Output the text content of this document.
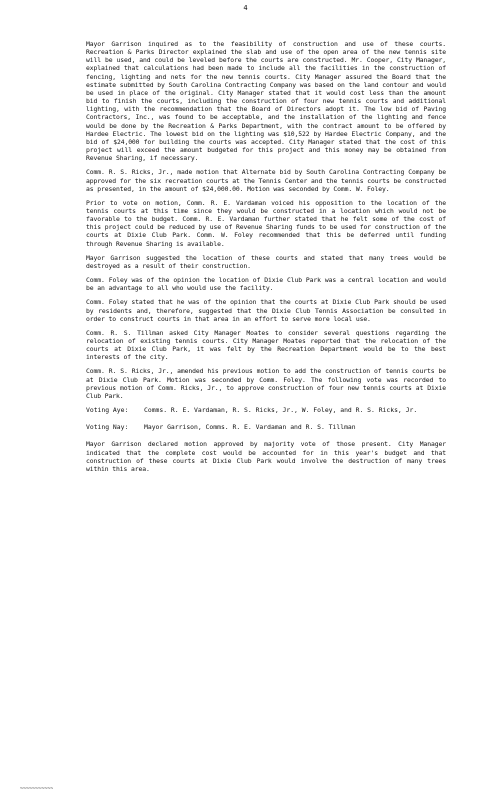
4

Mayor Garrison inquired as to the feasibility of construction and use of these courts. Recreation & Parks Director explained the slab and use of the open area of the new tennis site will be used, and could be leveled before the courts are constructed. Mr. Cooper, City Manager, explained that calculations had been made to include all the facilities in the construction of fencing, lighting and nets for the new tennis courts. City Manager assured the Board that the estimate submitted by South Carolina Contracting Company was based on the land contour and would be used in place of the original. City Manager stated that it would cost less than the amount bid to finish the courts, including the construction of four new tennis courts and additional lighting, with the recommendation that the Board of Directors adopt it. The low bid of Paving Contractors, Inc., was found to be acceptable, and the installation of the lighting and fence would be done by the Recreation & Parks Department, with the contract amount to be offered by Hardee Electric. The lowest bid on the lighting was $10,522 by Hardee Electric Company, and the bid of $24,000 for building the courts was accepted. City Manager stated that the cost of this project will exceed the amount budgeted for this project and this money may be obtained from Revenue Sharing, if necessary.

Comm. R. S. Ricks, Jr., made motion that Alternate bid by South Carolina Contracting Company be approved for the six recreation courts at the Tennis Center and the tennis courts be constructed as presented, in the amount of $24,000.00. Motion was seconded by Comm. W. Foley.

Prior to vote on motion, Comm. R. E. Vardaman voiced his opposition to the location of the tennis courts at this time since they would be constructed in a location which would not be favorable to the budget. Comm. R. E. Vardaman further stated that he felt some of the cost of this project could be reduced by use of Revenue Sharing funds to be used for construction of the courts at Dixie Club Park. Comm. W. Foley recommended that this be deferred until funding through Revenue Sharing is available.

Mayor Garrison suggested the location of these courts and stated that many trees would be destroyed as a result of their construction.

Comm. Foley was of the opinion the location of Dixie Club Park was a central location and would be an advantage to all who would use the facility.

Comm. Foley stated that he was of the opinion that the courts at Dixie Club Park should be used by residents and, therefore, suggested that the Dixie Club Tennis Association be consulted in order to construct courts in that area in an effort to serve more local use.

Comm. R. S. Tillman asked City Manager Moates to consider several questions regarding the relocation of existing tennis courts. City Manager Moates reported that the relocation of the courts at Dixie Club Park, it was felt by the Recreation Department would be to the best interests of the city.

Comm. R. S. Ricks, Jr., amended his previous motion to add the construction of tennis courts be at Dixie Club Park. Motion was seconded by Comm. Foley. The following vote was recorded to previous motion of Comm. Ricks, Jr., to approve construction of four new tennis courts at Dixie Club Park.

Voting Aye:	Comms. R. E. Vardaman, R. S. Ricks, Jr., W. Foley, and R. S. Ricks, Jr.
Voting Nay:	Mayor Garrison, Comms. R. E. Vardaman and R. S. Tillman

Mayor Garrison declared motion approved by majority vote of those present. City Manager indicated that the complete cost would be accounted for in this year's budget and that construction of these courts at Dixie Club Park would involve the destruction of many trees within this area.

~~~~~~~~~~~
